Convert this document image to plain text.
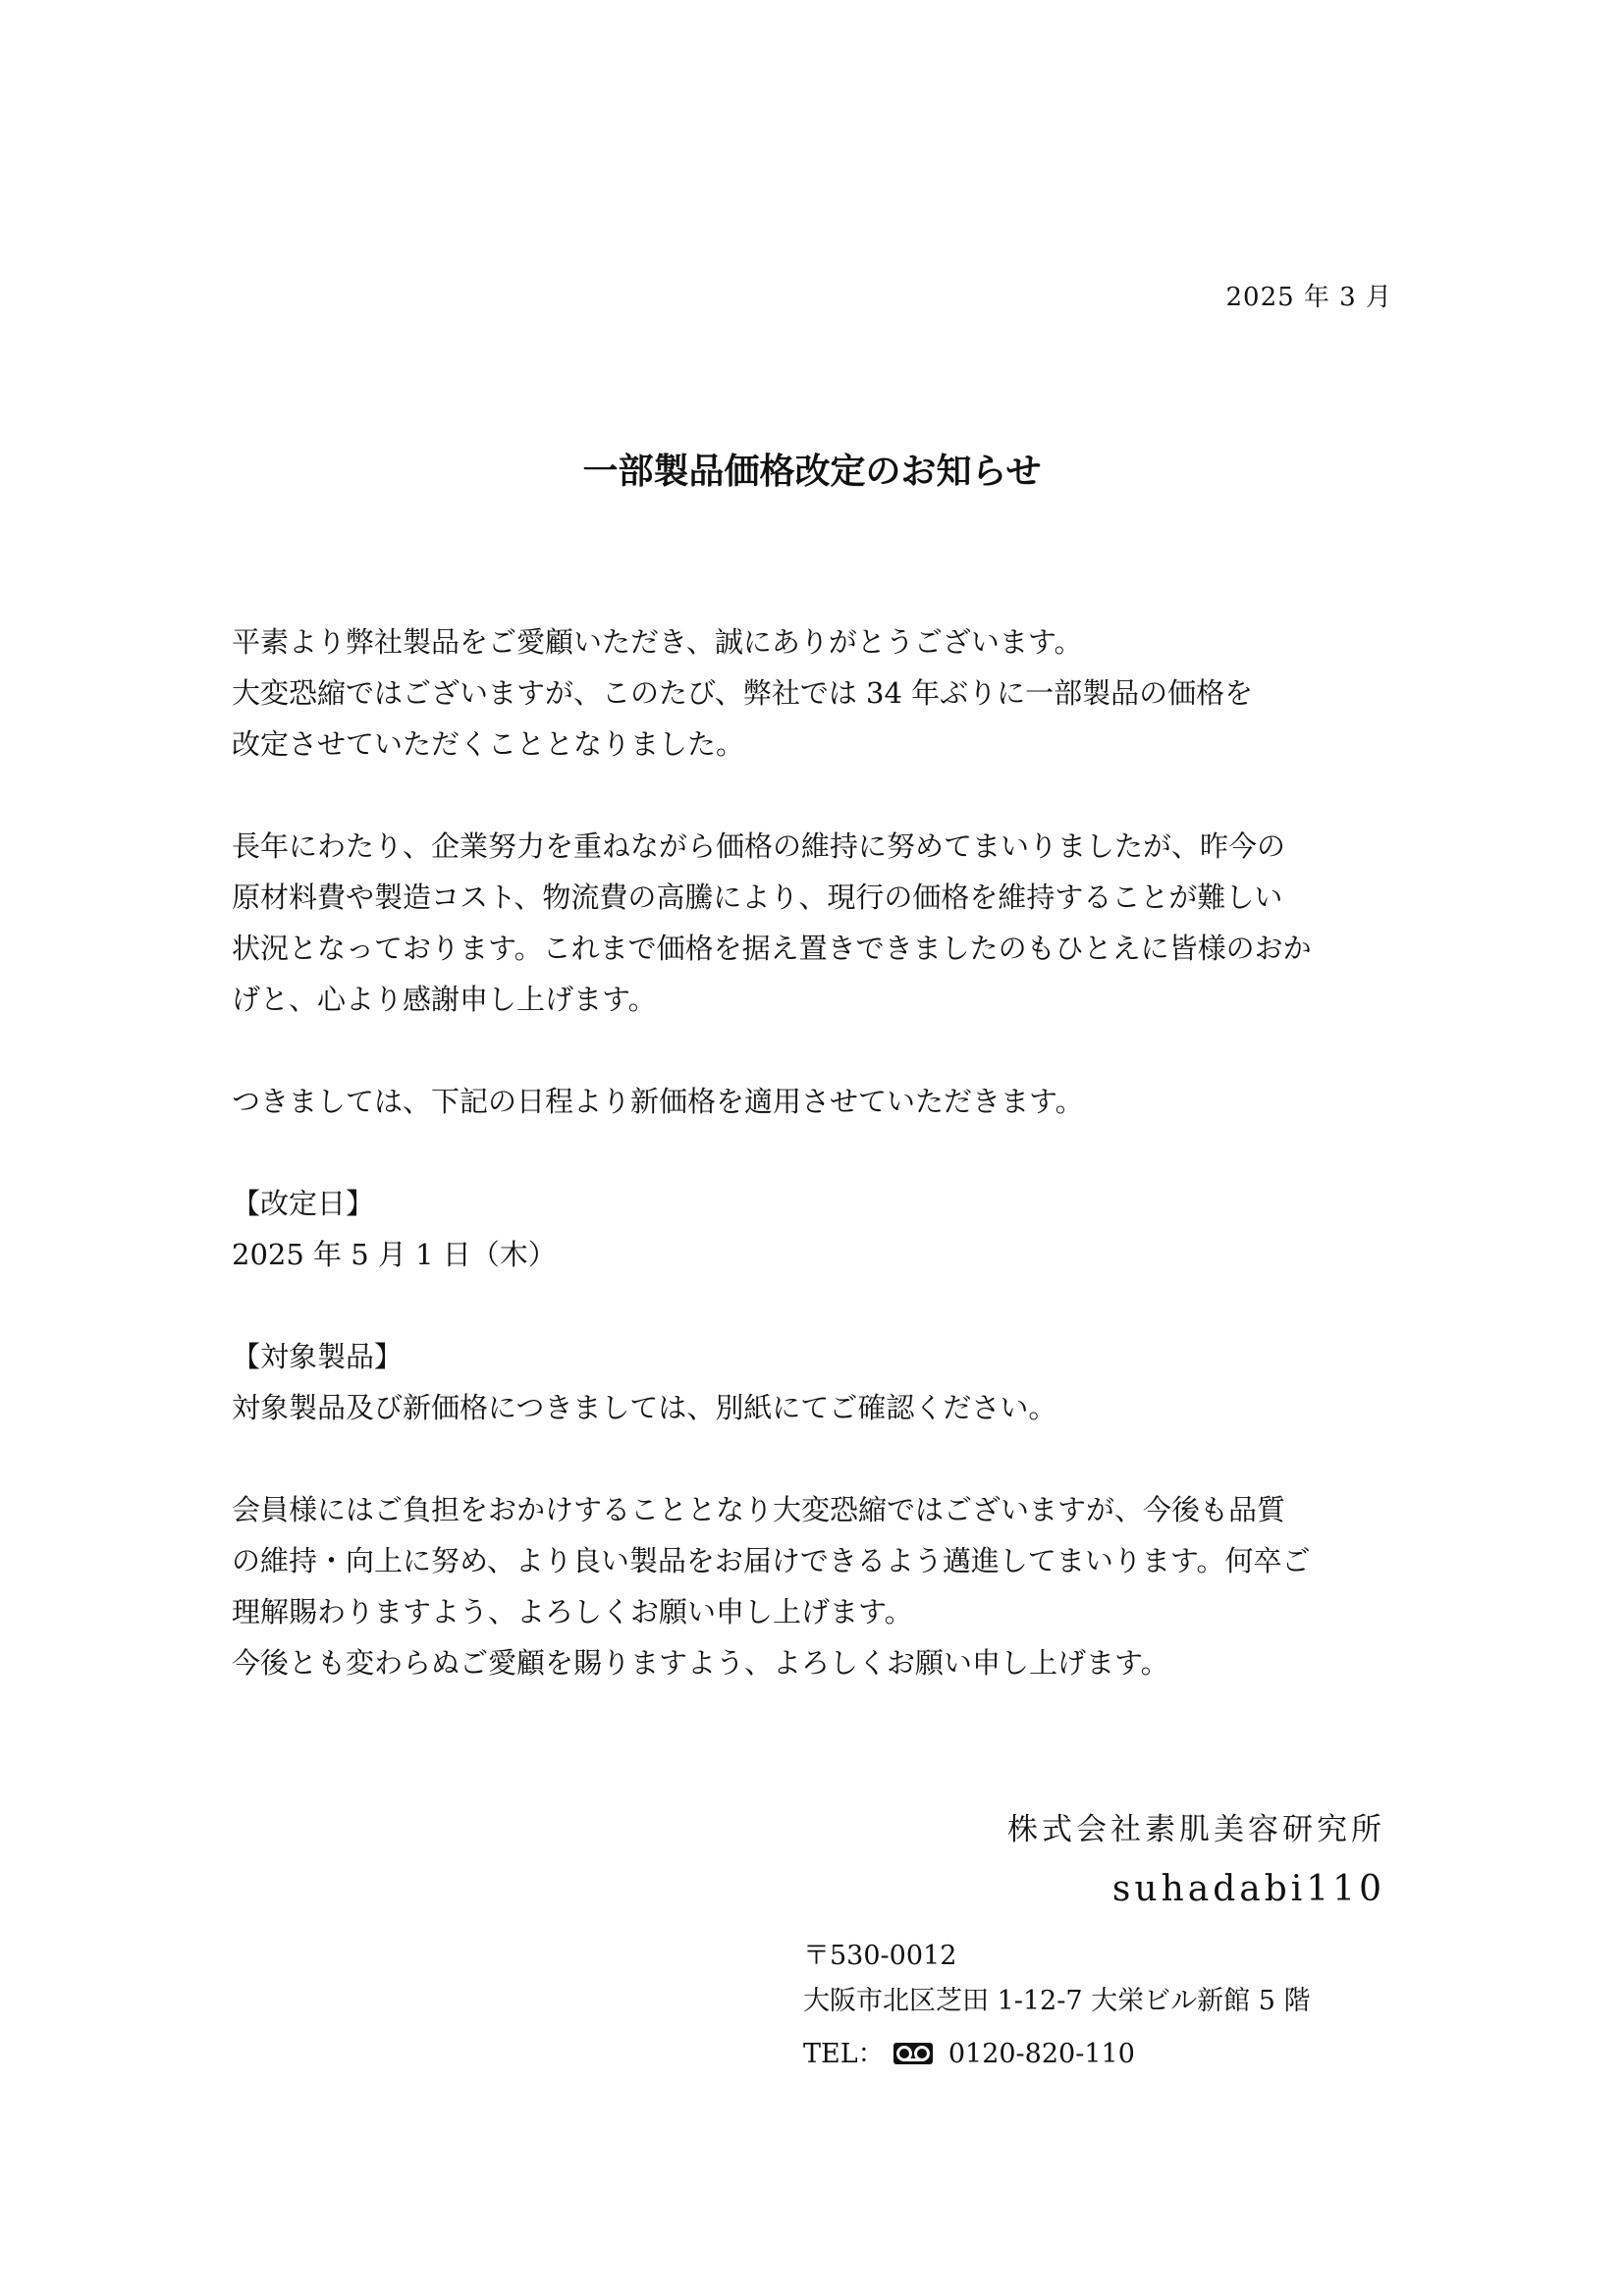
2025 年 3 月
一部製品価格改定のお知らせ

平素より弊社製品をご愛顧いただき、誠にありがとうございます。

大変恐縮ではございますが、このたび、弊社では 34 年ぶりに一部製品の価格を

改定させていただくこととなりました。

長年にわたり、企業努力を重ねながら価格の維持に努めてまいりましたが、昨今の

原材料費や製造コスト、物流費の高騰により、現行の価格を維持することが難しい

状況となっております。これまで価格を据え置きできましたのもひとえに皆様のおか

げと、心より感謝申し上げます。

つきましては、下記の日程より新価格を適用させていただきます。

【改定日】

2025 年 5 月 1 日（木）

【対象製品】

対象製品及び新価格につきましては、別紙にてご確認ください。

会員様にはご負担をおかけすることとなり大変恐縮ではございますが、今後も品質

の維持・向上に努め、より良い製品をお届けできるよう邁進してまいります。何卒ご

理解賜わりますよう、よろしくお願い申し上げます。

今後とも変わらぬご愛顧を賜りますよう、よろしくお願い申し上げます。

株式会社素肌美容研究所
suhadabi110

〒530-0012

大阪市北区芝田 1-12-7 大栄ビル新館 5 階

TEL： 0120-820-110
